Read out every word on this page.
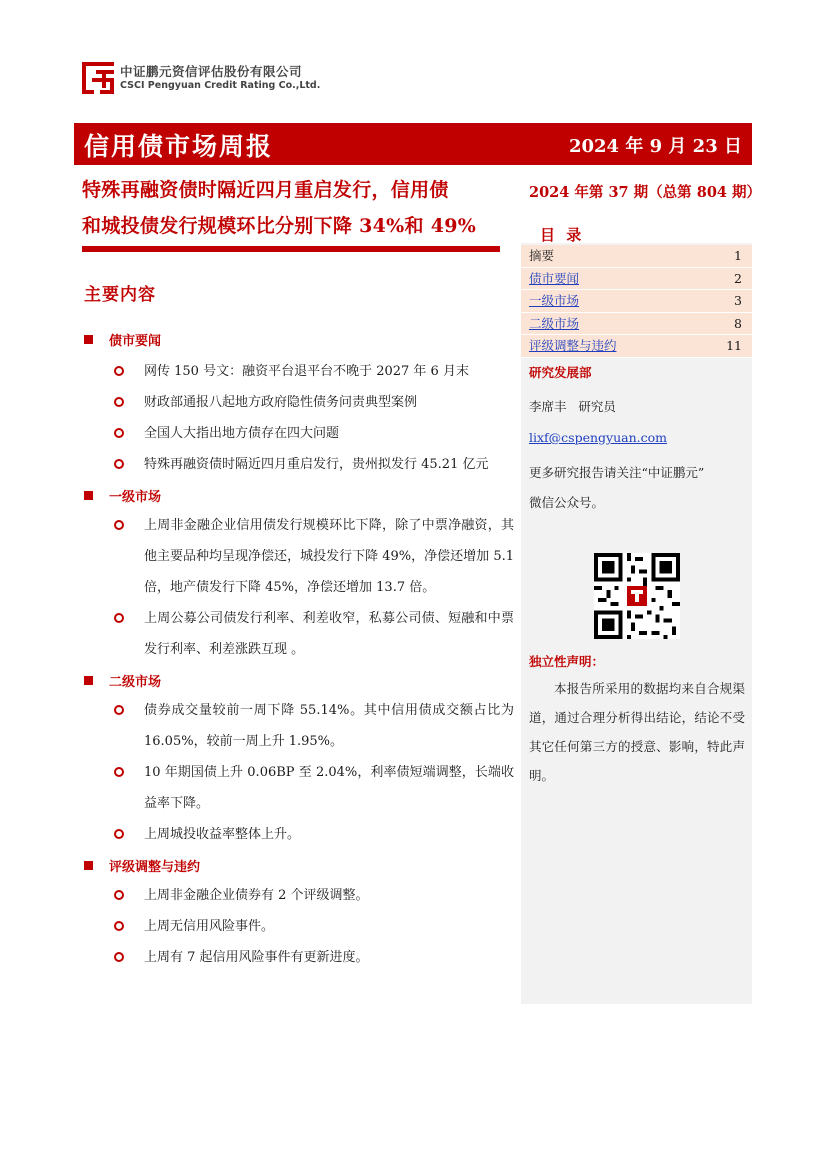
中证鹏元资信评估股份有限公司
CSCI Pengyuan Credit Rating Co.,Ltd.
信用债市场周报	2024 年 9 月 23 日
特殊再融资债时隔近四月重启发行，信用债
和城投债发行规模环比分别下降 34%和 49%
2024 年第 37 期（总第 804 期）
主要内容
债市要闻
网传 150 号文：融资平台退平台不晚于 2027 年 6 月末
财政部通报八起地方政府隐性债务问责典型案例
全国人大指出地方债存在四大问题
特殊再融资债时隔近四月重启发行，贵州拟发行 45.21 亿元
一级市场
上周非金融企业信用债发行规模环比下降，除了中票净融资，其他主要品种均呈现净偿还，城投发行下降 49%，净偿还增加 5.1 倍，地产债发行下降 45%，净偿还增加 13.7 倍。
上周公募公司债发行利率、利差收窄，私募公司债、短融和中票发行利率、利差涨跌互现 。
二级市场
债券成交量较前一周下降 55.14%。其中信用债成交额占比为 16.05%，较前一周上升 1.95%。
10 年期国债上升 0.06BP 至 2.04%，利率债短端调整，长端收益率下降。
上周城投收益率整体上升。
评级调整与违约
上周非金融企业债券有 2 个评级调整。
上周无信用风险事件。
上周有 7 起信用风险事件有更新进度。
目 录
摘要	1
债市要闻	2
一级市场	3
二级市场	8
评级调整与违约	11
研究发展部
李席丰   研究员
lixf@cspengyuan.com
更多研究报告请关注“中证鹏元”
微信公众号。
独立性声明：
本报告所采用的数据均来自合规渠道，通过合理分析得出结论，结论不受其它任何第三方的授意、影响，特此声明。
